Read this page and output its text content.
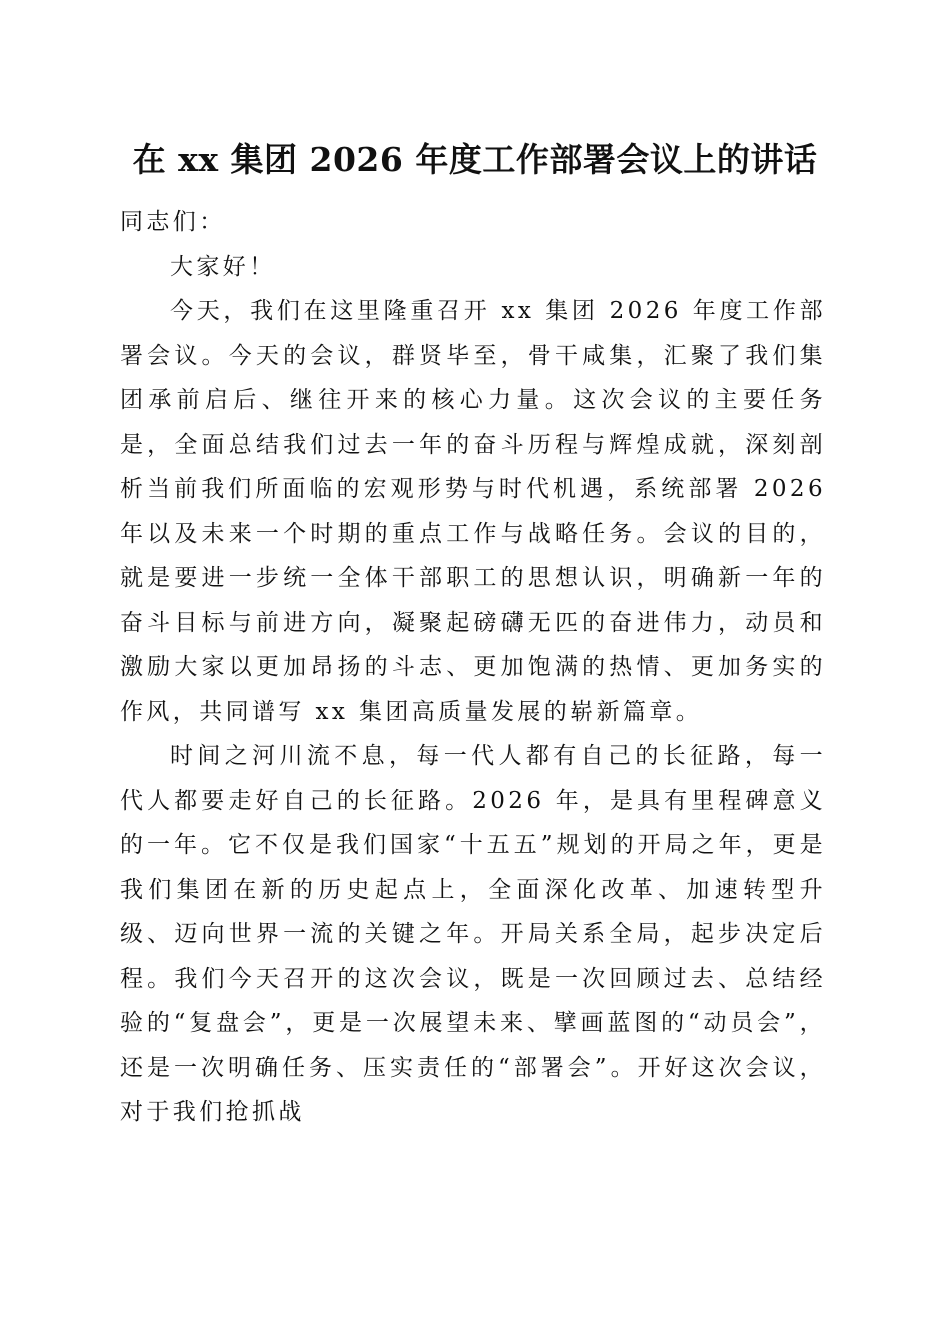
在 xx 集团 2026 年度工作部署会议上的讲话

同志们：

大家好！

今天，我们在这里隆重召开 xx 集团 2026 年度工作部署会议。今天的会议，群贤毕至，骨干咸集，汇聚了我们集团承前启后、继往开来的核心力量。这次会议的主要任务是，全面总结我们过去一年的奋斗历程与辉煌成就，深刻剖析当前我们所面临的宏观形势与时代机遇，系统部署 2026 年以及未来一个时期的重点工作与战略任务。会议的目的，就是要进一步统一全体干部职工的思想认识，明确新一年的奋斗目标与前进方向，凝聚起磅礴无匹的奋进伟力，动员和激励大家以更加昂扬的斗志、更加饱满的热情、更加务实的作风，共同谱写 xx 集团高质量发展的崭新篇章。

时间之河川流不息，每一代人都有自己的长征路，每一代人都要走好自己的长征路。2026 年，是具有里程碑意义的一年。它不仅是我们国家“十五五”规划的开局之年，更是我们集团在新的历史起点上，全面深化改革、加速转型升级、迈向世界一流的关键之年。开局关系全局，起步决定后程。我们今天召开的这次会议，既是一次回顾过去、总结经验的“复盘会”，更是一次展望未来、擘画蓝图的“动员会”，还是一次明确任务、压实责任的“部署会”。开好这次会议，对于我们抢抓战
